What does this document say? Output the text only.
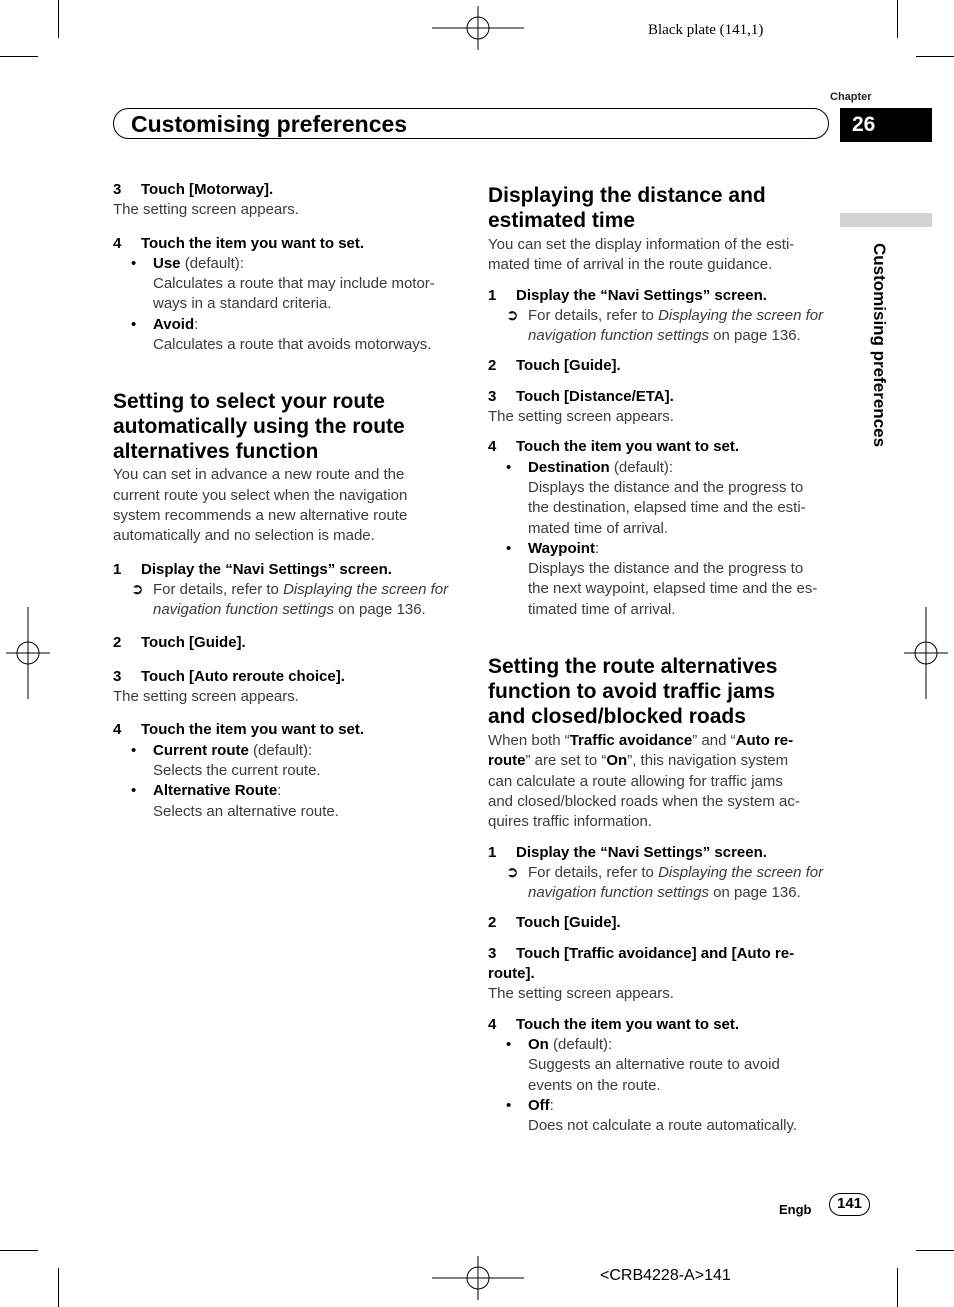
Black plate (141,1)
Chapter
26
Customising preferences
Customising preferences

3 Touch [Motorway].

The setting screen appears.

4 Touch the item you want to set.

• Use (default):

Calculates a route that may include motor-

ways in a standard criteria.

• Avoid:

Calculates a route that avoids motorways.

Setting to select your route
automatically using the route
alternatives function

You can set in advance a new route and the
current route you select when the navigation
system recommends a new alternative route
automatically and no selection is made.

1 Display the “Navi Settings” screen.

➲ For details, refer to Displaying the screen for
navigation function settings on page 136.

2 Touch [Guide].

3 Touch [Auto reroute choice].

The setting screen appears.

4 Touch the item you want to set.

• Current route (default):

Selects the current route.

• Alternative Route:

Selects an alternative route.

Displaying the distance and
estimated time

You can set the display information of the esti-
mated time of arrival in the route guidance.

1 Display the “Navi Settings” screen.

➲ For details, refer to Displaying the screen for
navigation function settings on page 136.

2 Touch [Guide].

3 Touch [Distance/ETA].

The setting screen appears.

4 Touch the item you want to set.

• Destination (default):

Displays the distance and the progress to

the destination, elapsed time and the esti-

mated time of arrival.

• Waypoint:

Displays the distance and the progress to

the next waypoint, elapsed time and the es-

timated time of arrival.

Setting the route alternatives
function to avoid traffic jams
and closed/blocked roads

When both “Traffic avoidance” and “Auto re-
route” are set to “On”, this navigation system
can calculate a route allowing for traffic jams
and closed/blocked roads when the system ac-
quires traffic information.

1 Display the “Navi Settings” screen.

➲ For details, refer to Displaying the screen for
navigation function settings on page 136.

2 Touch [Guide].

3 Touch [Traffic avoidance] and [Auto re-
route].

The setting screen appears.

4 Touch the item you want to set.

• On (default):

Suggests an alternative route to avoid

events on the route.

• Off:

Does not calculate a route automatically.

Engb	141
<CRB4228-A>141
